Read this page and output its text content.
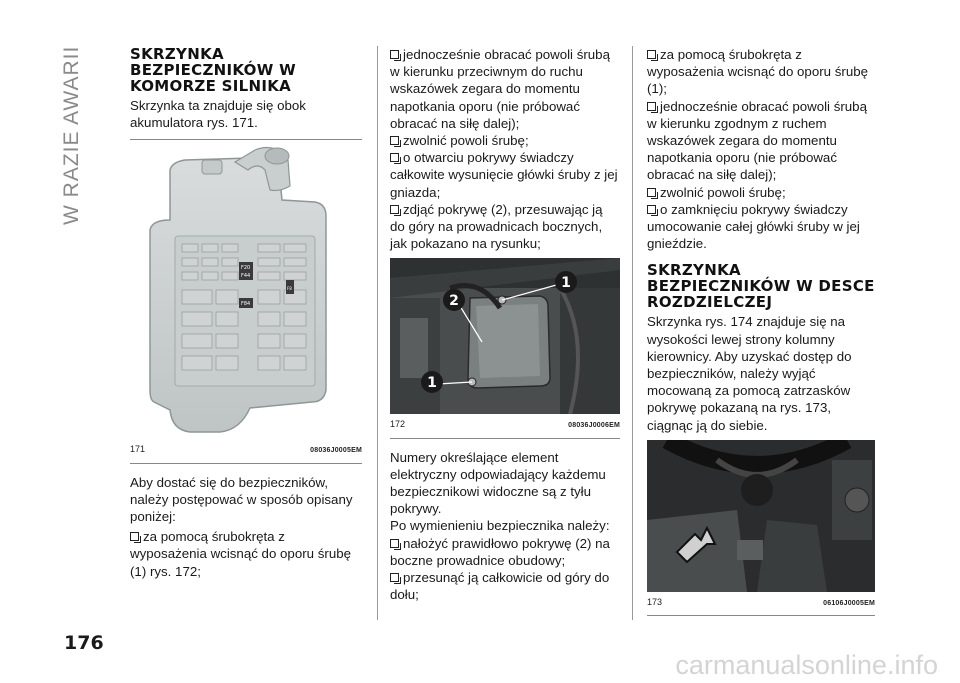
W RAZIE AWARII
176
carmanualsonline.info
SKRZYNKA BEZPIECZNIKÓW W KOMORZE SILNIKA

Skrzynka ta znajduje się obok akumulatora rys. 171.

F20
F44
F84
F8
171	08036J0005EM

Aby dostać się do bezpieczników, należy postępować w sposób opisany poniżej:

za pomocą śrubokręta z wyposażenia wcisnąć do oporu śrubę (1) rys. 172;

jednocześnie obracać powoli śrubą w kierunku przeciwnym do ruchu wskazówek zegara do momentu napotkania oporu (nie próbować obracać na siłę dalej);

zwolnić powoli śrubę;

o otwarciu pokrywy świadczy całkowite wysunięcie główki śruby z jej gniazda;

zdjąć pokrywę (2), przesuwając ją do góry na prowadnicach bocznych, jak pokazano na rysunku;

1
2
1
172	08036J0006EM

Numery określające element elektryczny odpowiadający każdemu bezpiecznikowi widoczne są z tyłu pokrywy.

Po wymienieniu bezpiecznika należy:

nałożyć prawidłowo pokrywę (2) na boczne prowadnice obudowy;

przesunąć ją całkowicie od góry do dołu;

za pomocą śrubokręta z wyposażenia wcisnąć do oporu śrubę (1);

jednocześnie obracać powoli śrubą w kierunku zgodnym z ruchem wskazówek zegara do momentu napotkania oporu (nie próbować obracać na siłę dalej);

zwolnić powoli śrubę;

o zamknięciu pokrywy świadczy umocowanie całej główki śruby w jej gnieździe.

SKRZYNKA BEZPIECZNIKÓW W DESCE ROZDZIELCZEJ

Skrzynka rys. 174 znajduje się na wysokości lewej strony kolumny kierownicy. Aby uzyskać dostęp do bezpieczników, należy wyjąć mocowaną za pomocą zatrzasków pokrywę pokazaną na rys. 173, ciągnąc ją do siebie.

173	06106J0005EM
